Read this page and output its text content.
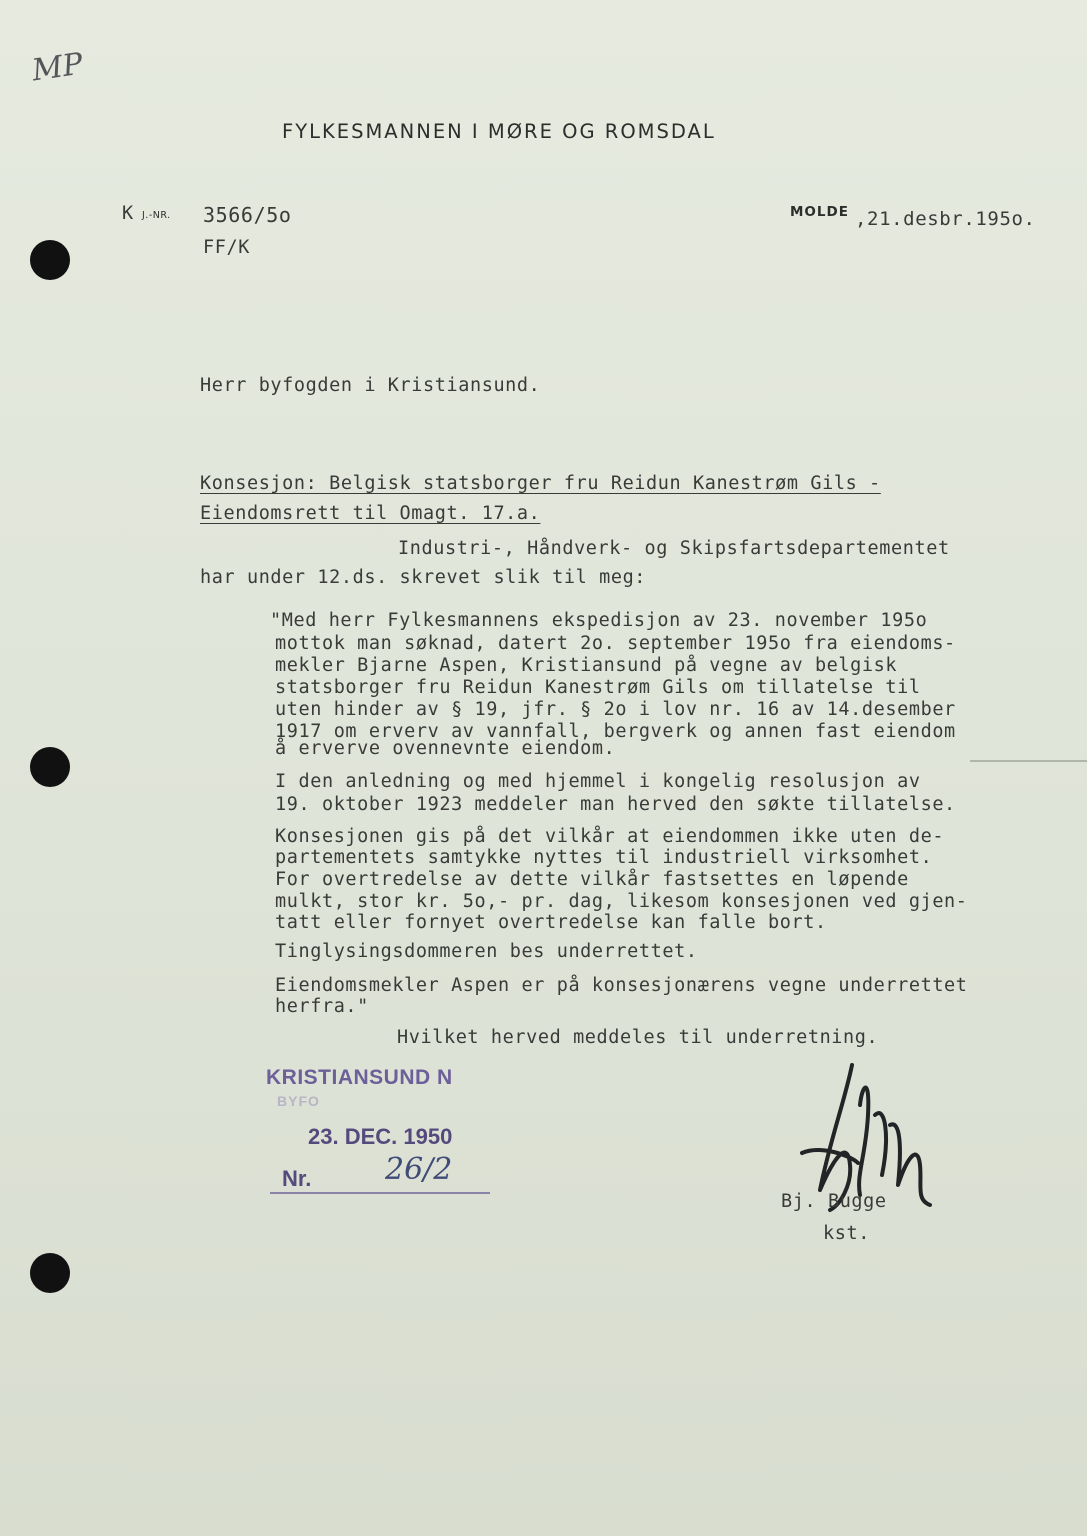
MP
FYLKESMANNEN I MØRE OG ROMSDAL
K J.-NR. 3566/5o
FF/K
MOLDE ,21.desbr.195o.
Herr byfogden i Kristiansund.
Konsesjon: Belgisk statsborger fru Reidun Kanestrøm Gils -
Eiendomsrett til Omagt. 17.a.
Industri-, Håndverk- og Skipsfartsdepartementet
har under 12.ds. skrevet slik til meg:
"Med herr Fylkesmannens ekspedisjon av 23. november 195o
mottok man søknad, datert 2o. september 195o fra eiendoms-
mekler Bjarne Aspen, Kristiansund på vegne av belgisk
statsborger fru Reidun Kanestrøm Gils om tillatelse til
uten hinder av § 19, jfr. § 2o i lov nr. 16 av 14.desember
1917 om erverv av vannfall, bergverk og annen fast eiendom
å erverve ovennevnte eiendom.
I den anledning og med hjemmel i kongelig resolusjon av
19. oktober 1923 meddeler man herved den søkte tillatelse.
Konsesjonen gis på det vilkår at eiendommen ikke uten de-
partementets samtykke nyttes til industriell virksomhet.
For overtredelse av dette vilkår fastsettes en løpende
mulkt, stor kr. 5o,- pr. dag, likesom konsesjonen ved gjen-
tatt eller fornyet overtredelse kan falle bort.
Tinglysingsdommeren bes underrettet.
Eiendomsmekler Aspen er på konsesjonærens vegne underrettet
herfra."
Hvilket herved meddeles til underretning.
KRISTIANSUND N
BYFO
23. DEC. 1950
Nr. 26/2
Bj. Bugge
kst.
